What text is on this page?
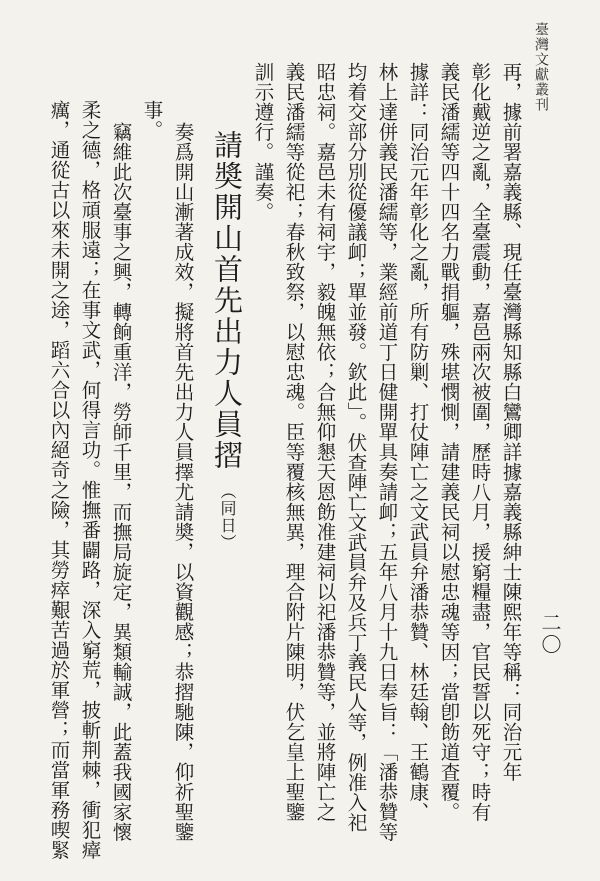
臺灣文獻叢刊
二〇
再，據前署嘉義縣、現任臺灣縣知縣白鸞卿詳據嘉義縣紳士陳熙年等稱：同治元年
彰化戴逆之亂，全臺震動，嘉邑兩次被圍，歷時八月，援窮糧盡，官民誓以死守；時有
義民潘繻等四十四名力戰捐軀，殊堪憫惻，請建義民祠以慰忠魂等因；當卽飭道査覆。
據詳：同治元年彰化之亂，所有防剿、打仗陣亡之文武員弁潘恭贊、林廷翰、王鶴康、
林上達併義民潘繻等，業經前道丁日健開單具奏請卹；五年八月十九日奉旨：「潘恭贊等
均着交部分別從優議卹；單並發。欽此」。伏查陣亡文武員弁及兵丁義民人等，例准入祀
昭忠祠。嘉邑未有祠宇，毅魄無依；合無仰懇天恩飭准建祠以祀潘恭贊等，並將陣亡之
義民潘繻等從祀；春秋致祭，以慰忠魂。臣等覆核無異，理合附片陳明，伏乞皇上聖鑒
訓示遵行。謹奏。
請奬開山首先出力人員摺（同日）
奏爲開山漸著成效，擬將首先出力人員擇尤請奬，以資觀感；恭摺馳陳，仰祈聖鑒
事。
竊維此次臺事之興，轉餉重洋，勞師千里，而撫局旋定，異類輸誠，此蓋我國家懷
柔之德，格頑服遠；在事文武，何得言功。惟撫番闢路，深入窮荒，披斬荆棘，衝犯瘴
癘，通從古以來未開之途，蹈六合以內絕奇之險，其勞瘁艱苦過於軍營；而當軍務喫緊
